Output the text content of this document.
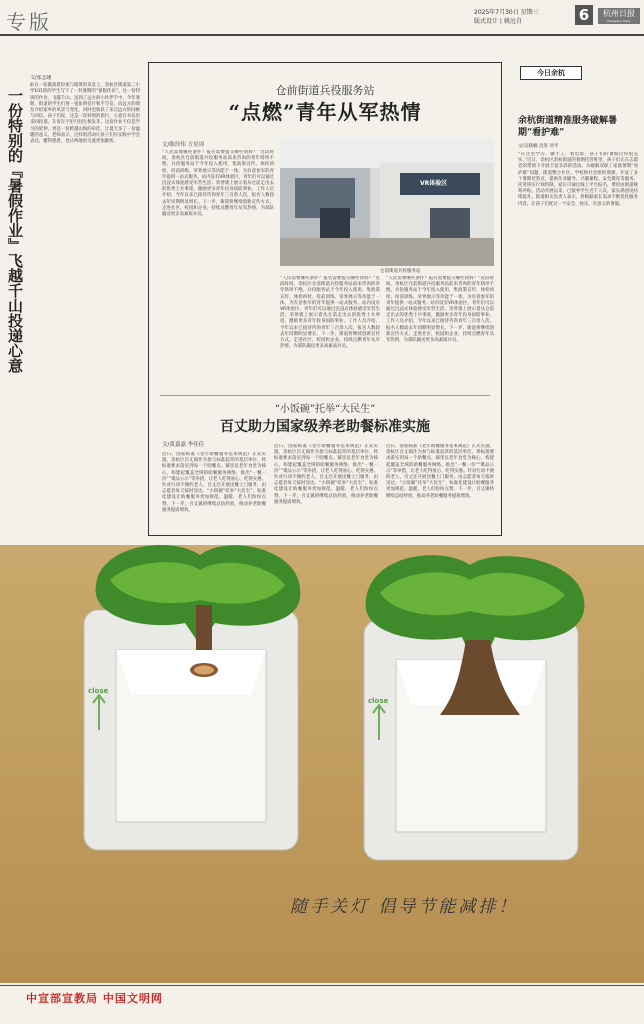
专版	2025年7月30日 星期三
版式设计 | 姚远自	6	杭州日报
Hangzhou Daily
一份特别的『暑假作业』飞越千山投递心意
文/张志瑾
趴在一张散落着轻柔与暗黄的讯息上，余杭区街道第三小学101班的学生写下了一封暑期的“暑假作业”。这一份特别的作业，飞越千山，送到了远方的小伙伴手中。今年暑期，街道的学生们用一张张明信片和手写信，向远方的朋友介绍家乡的风景与变化，同时也收获了来自远方的问候与回信。孩子们说，这是一次特别的旅行，心意在书信里来回投递，友谊在字里行间生根发芽。这份作业不仅是学习的延伸，更是一份跨越山海的牵挂，让夏天多了一份温暖的意义。老师表示，这样的活动让孩子们在实践中学会表达、懂得感恩，也让两地的交流更加紧密。
仓前街道兵役服务站
“点燃”青年从军热情
文/陈玲伟 方星周
“人民需要哪些条件？报名需要提交哪些资料？”近段时间，余杭区仓前街道兵役服务站前来咨询的青年络绎不绝。兵役服务站于今年投入使用，集政策宣传、体检初检、役前训练、荣誉展示等功能于一体，为有意参军的青年提供一站式服务。站内设有VR体验区，青年们可以通过沉浸式体验感受军营生活；荣誉墙上展示着从仓前走出去的优秀士兵事迹，激励更多青年投身国防事业。工作人员介绍，今年以来已接待咨询青年三百余人次，报名人数较去年同期明显增长。下一步，街道将继续创新宣传方式，走进社区、校园和企业，持续点燃青年从军热情，为部队输送更多高素质兵员。
VR体验区
仓前街道兵役服务站
“人民需要哪些条件？报名需要提交哪些资料？”近段时间，余杭区仓前街道兵役服务站前来咨询的青年络绎不绝。兵役服务站于今年投入使用，集政策宣传、体检初检、役前训练、荣誉展示等功能于一体，为有意参军的青年提供一站式服务。站内设有VR体验区，青年们可以通过沉浸式体验感受军营生活；荣誉墙上展示着从仓前走出去的优秀士兵事迹，激励更多青年投身国防事业。工作人员介绍，今年以来已接待咨询青年三百余人次，报名人数较去年同期明显增长。下一步，街道将继续创新宣传方式，走进社区、校园和企业，持续点燃青年从军热情，为部队输送更多高素质兵员。
“人民需要哪些条件？报名需要提交哪些资料？”近段时间，余杭区仓前街道兵役服务站前来咨询的青年络绎不绝。兵役服务站于今年投入使用，集政策宣传、体检初检、役前训练、荣誉展示等功能于一体，为有意参军的青年提供一站式服务。站内设有VR体验区，青年们可以通过沉浸式体验感受军营生活；荣誉墙上展示着从仓前走出去的优秀士兵事迹，激励更多青年投身国防事业。工作人员介绍，今年以来已接待咨询青年三百余人次，报名人数较去年同期明显增长。下一步，街道将继续创新宣传方式，走进社区、校园和企业，持续点燃青年从军热情，为部队输送更多高素质兵员。
“小饭碗”托举“大民生”
百丈助力国家级养老助餐标准实施
文/黄嘉嘉 李佳佳
近日，国家标准《老年助餐服务基本规范》正式实施，余杭区百丈镇作为参与标准起草的基层单位，将标准要求落实到每一个助餐点。镇里以老年食堂为核心，构建起覆盖全域的助餐服务网络，推出“一餐一价”“菜品公示”等举措，让老人吃得放心、吃得实惠。针对行动不便的老人，百丈还开展送餐上门服务，由志愿者每天按时送达。“小饭碗”托举“大民生”，标准化建设让助餐服务更加规范、温暖，老人们纷纷点赞。下一步，百丈镇将继续总结经验，推动养老助餐服务提质增效。
近日，国家标准《老年助餐服务基本规范》正式实施，余杭区百丈镇作为参与标准起草的基层单位，将标准要求落实到每一个助餐点。镇里以老年食堂为核心，构建起覆盖全域的助餐服务网络，推出“一餐一价”“菜品公示”等举措，让老人吃得放心、吃得实惠。针对行动不便的老人，百丈还开展送餐上门服务，由志愿者每天按时送达。“小饭碗”托举“大民生”，标准化建设让助餐服务更加规范、温暖，老人们纷纷点赞。下一步，百丈镇将继续总结经验，推动养老助餐服务提质增效。
近日，国家标准《老年助餐服务基本规范》正式实施，余杭区百丈镇作为参与标准起草的基层单位，将标准要求落实到每一个助餐点。镇里以老年食堂为核心，构建起覆盖全域的助餐服务网络，推出“一餐一价”“菜品公示”等举措，让老人吃得放心、吃得实惠。针对行动不便的老人，百丈还开展送餐上门服务，由志愿者每天按时送达。“小饭碗”托举“大民生”，标准化建设让助餐服务更加规范、温暖，老人们纷纷点赞。下一步，百丈镇将继续总结经验，推动养老助餐服务提质增效。
今日余杭
余杭街道精准服务破解暑期“看护难”
文/吴晓楠 昌进 何平
“在这里学习、做手工、看电影，孩子们的暑假过得很充实。”近日，余杭区余杭街道的暑期托管班里，孩子们正在志愿者的带领下开展丰富多彩的活动。为破解双职工家庭暑期“看护难”问题，街道整合社区、学校和社会组织资源，开设了多个暑期托管点，提供作业辅导、兴趣课程、安全教育等服务。托管班实行预约制，家长可通过线上平台报名，费用由街道统筹补贴。活动开展以来，已服务学生近千人次，家长满意度持续提升。街道相关负责人表示，将根据家长需求不断优化服务内容，让孩子们度过一个安全、快乐、有意义的暑假。
close
close
随手关灯 倡导节能减排！
中宣部宣教局 中国文明网
